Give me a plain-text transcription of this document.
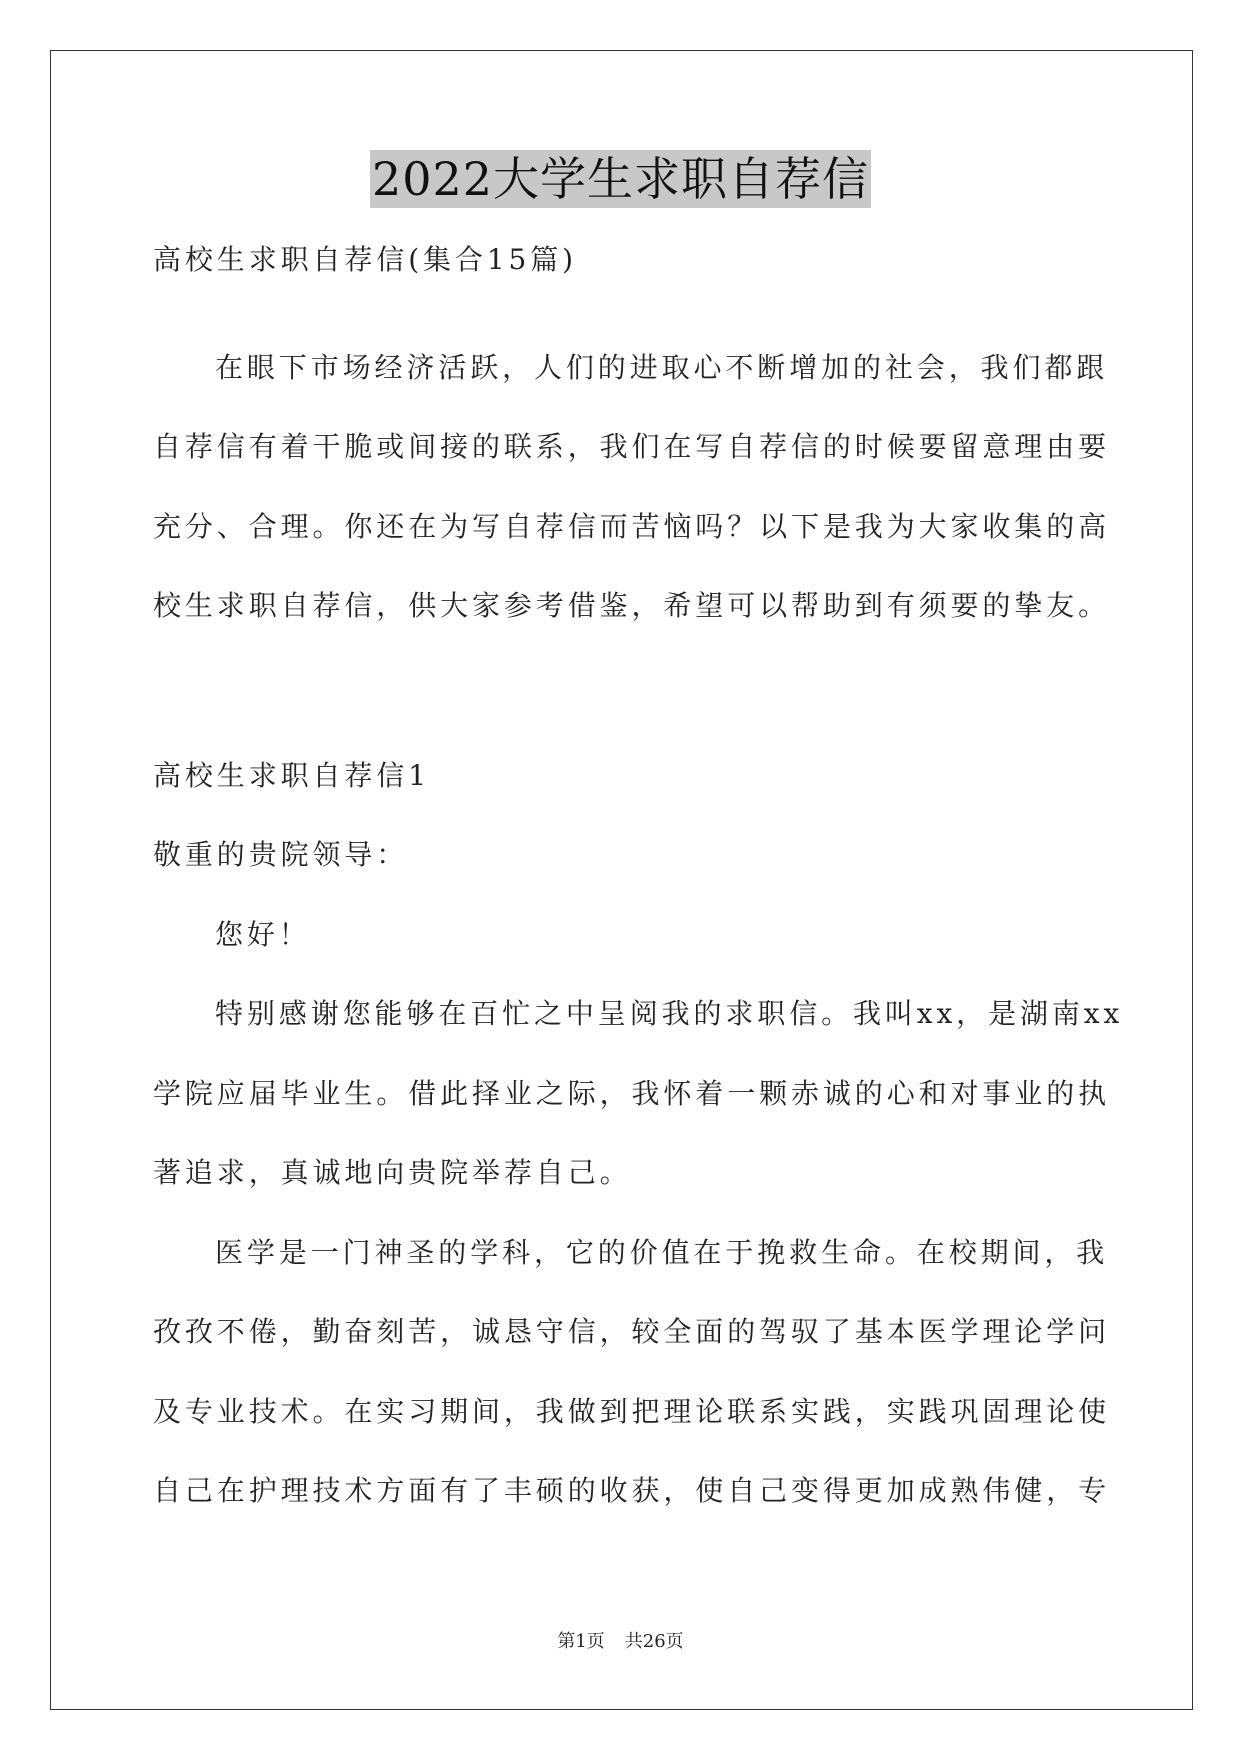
2022大学生求职自荐信
高校生求职自荐信(集合15篇)
在眼下市场经济活跃，人们的进取心不断增加的社会，我们都跟
自荐信有着干脆或间接的联系，我们在写自荐信的时候要留意理由要
充分、合理。你还在为写自荐信而苦恼吗？以下是我为大家收集的高
校生求职自荐信，供大家参考借鉴，希望可以帮助到有须要的挚友。
高校生求职自荐信1
敬重的贵院领导：
您好！
特别感谢您能够在百忙之中呈阅我的求职信。我叫xx，是湖南xx
学院应届毕业生。借此择业之际，我怀着一颗赤诚的心和对事业的执
著追求，真诚地向贵院举荐自己。
医学是一门神圣的学科，它的价值在于挽救生命。在校期间，我
孜孜不倦，勤奋刻苦，诚恳守信，较全面的驾驭了基本医学理论学问
及专业技术。在实习期间，我做到把理论联系实践，实践巩固理论使
自己在护理技术方面有了丰硕的收获，使自己变得更加成熟伟健，专
第1页 共26页
